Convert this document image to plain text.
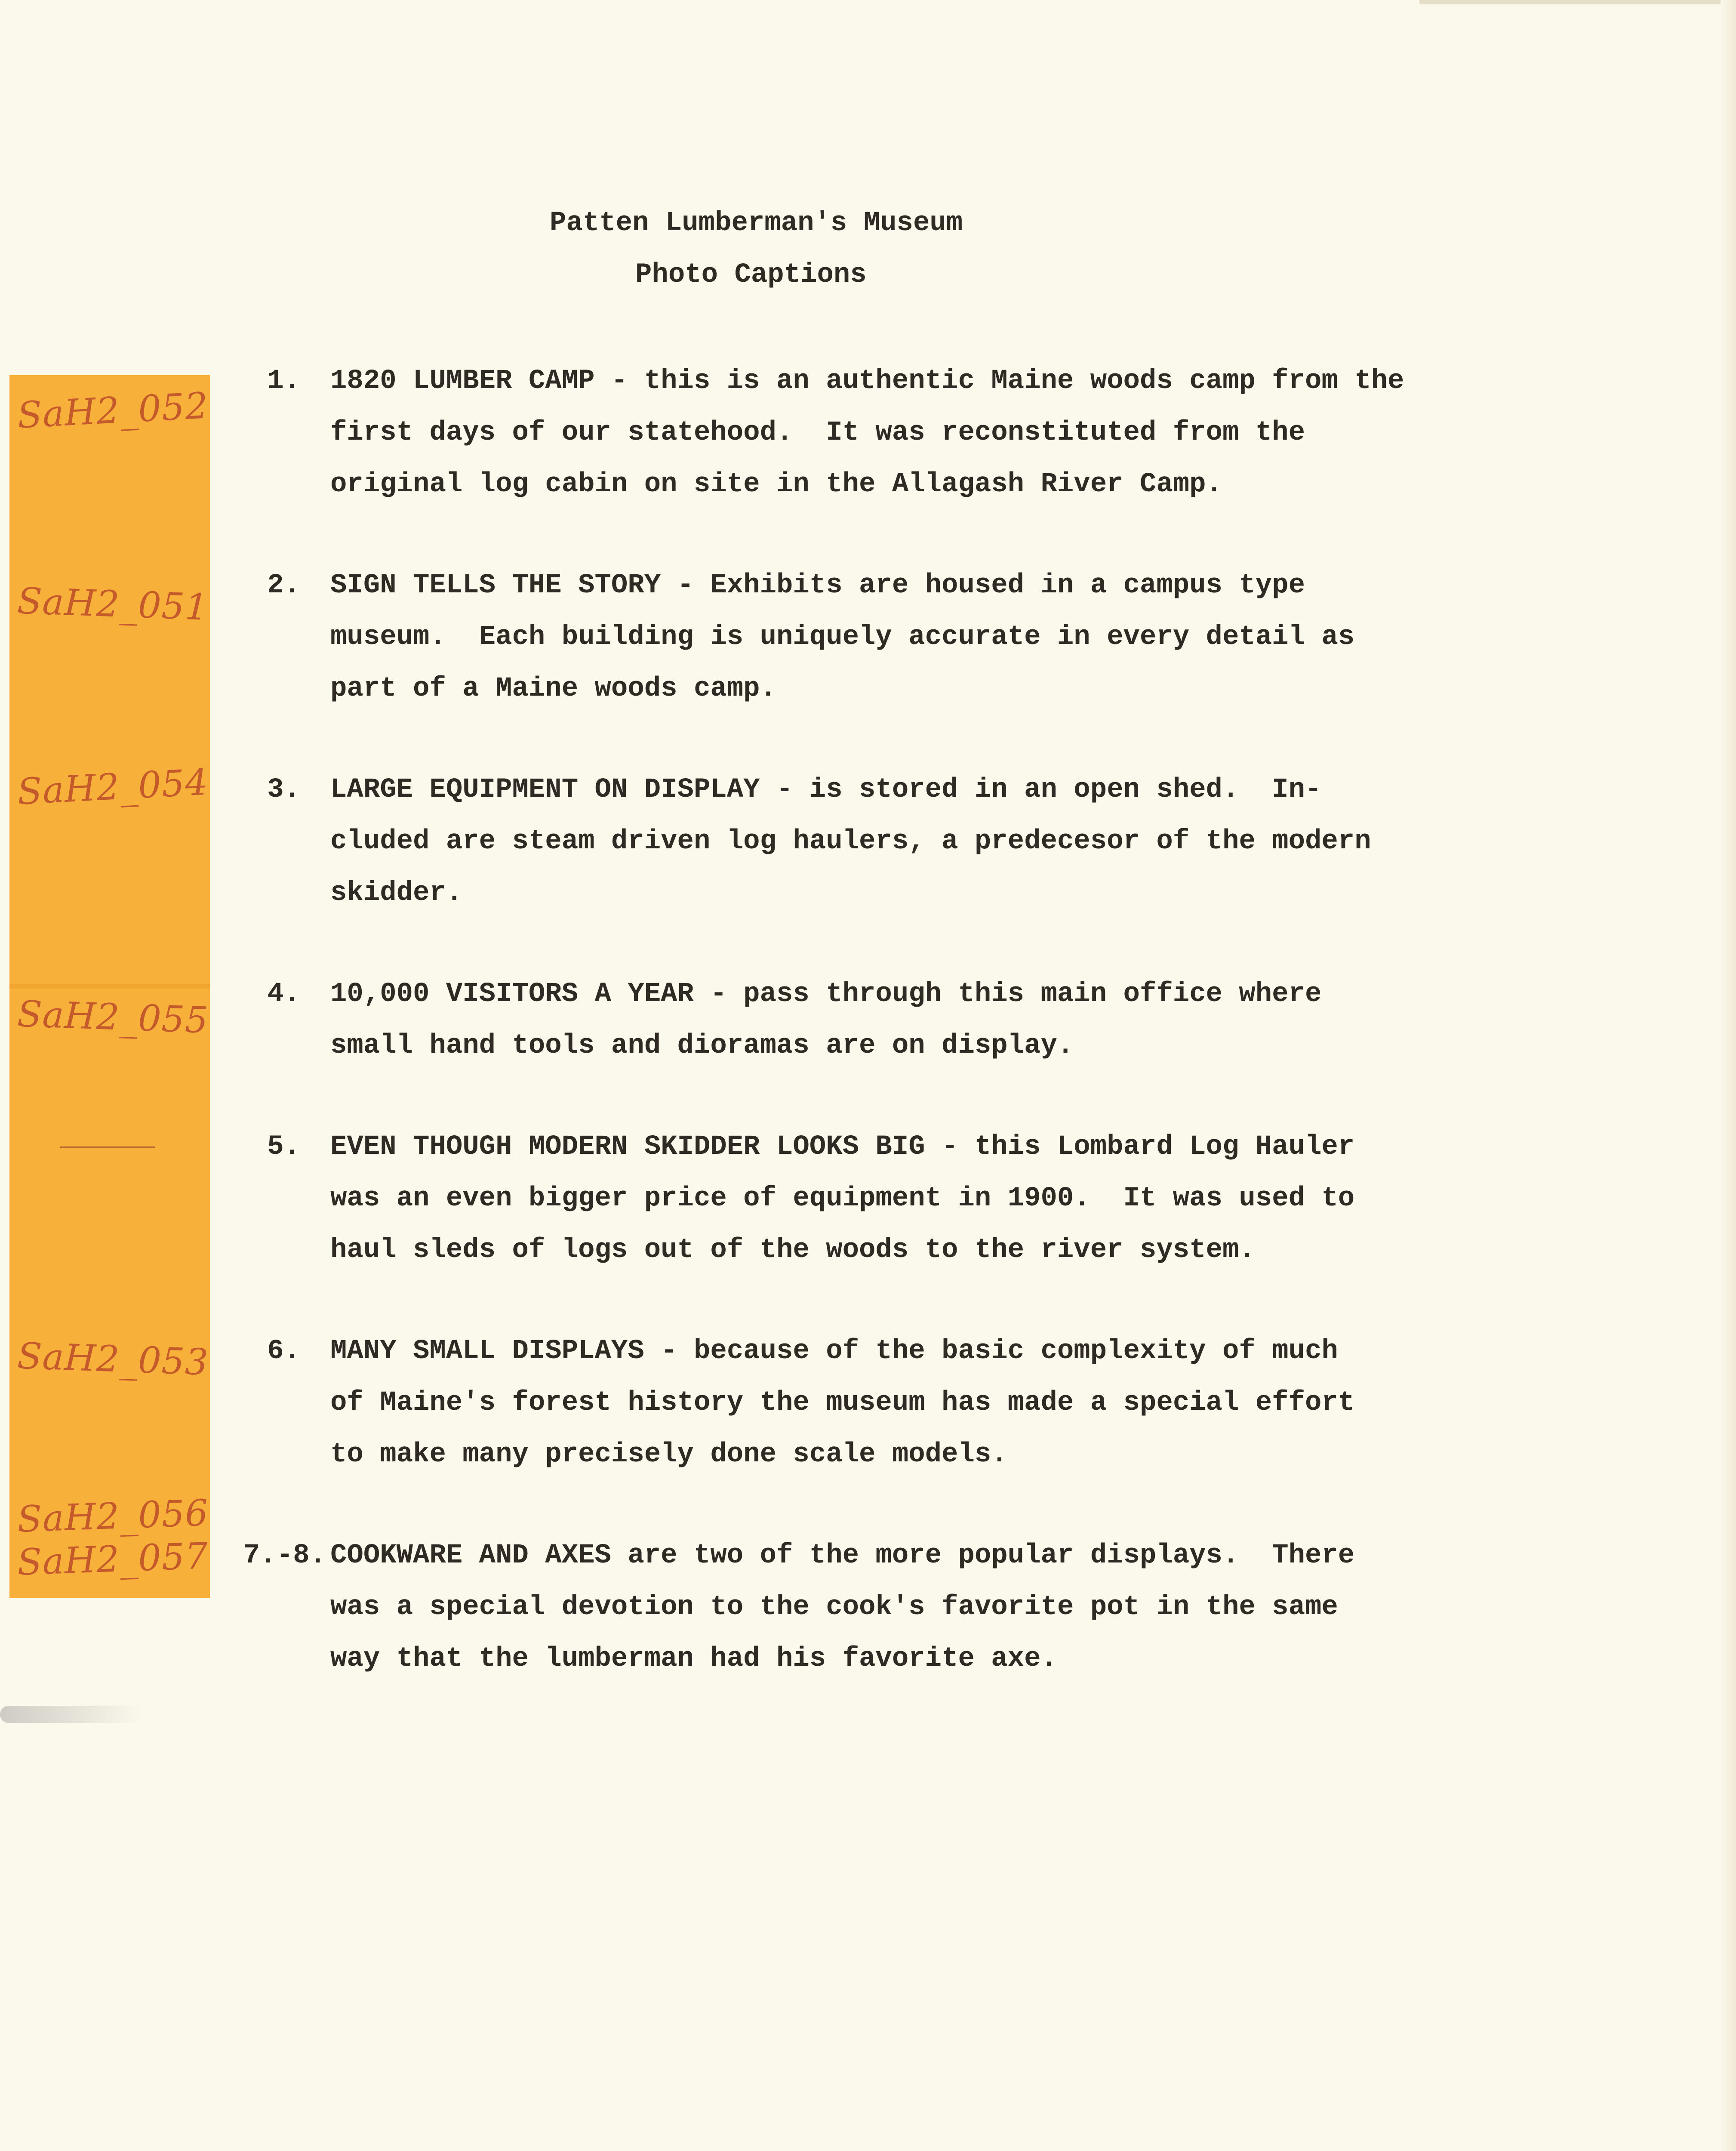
SaH2_052
SaH2_051
SaH2_054
SaH2_055
SaH2_053
SaH2_056
SaH2_057
Patten Lumberman's Museum
Photo Captions
1. 1820 LUMBER CAMP - this is an authentic Maine woods camp from the
first days of our statehood.  It was reconstituted from the
original log cabin on site in the Allagash River Camp.
2. SIGN TELLS THE STORY - Exhibits are housed in a campus type
museum.  Each building is uniquely accurate in every detail as
part of a Maine woods camp.
3. LARGE EQUIPMENT ON DISPLAY - is stored in an open shed.  In-
cluded are steam driven log haulers, a predecesor of the modern
skidder.
4. 10,000 VISITORS A YEAR - pass through this main office where
small hand tools and dioramas are on display.
5. EVEN THOUGH MODERN SKIDDER LOOKS BIG - this Lombard Log Hauler
was an even bigger price of equipment in 1900.  It was used to
haul sleds of logs out of the woods to the river system.
6. MANY SMALL DISPLAYS - because of the basic complexity of much
of Maine's forest history the museum has made a special effort
to make many precisely done scale models.
7.-8. COOKWARE AND AXES are two of the more popular displays.  There
was a special devotion to the cook's favorite pot in the same
way that the lumberman had his favorite axe.
